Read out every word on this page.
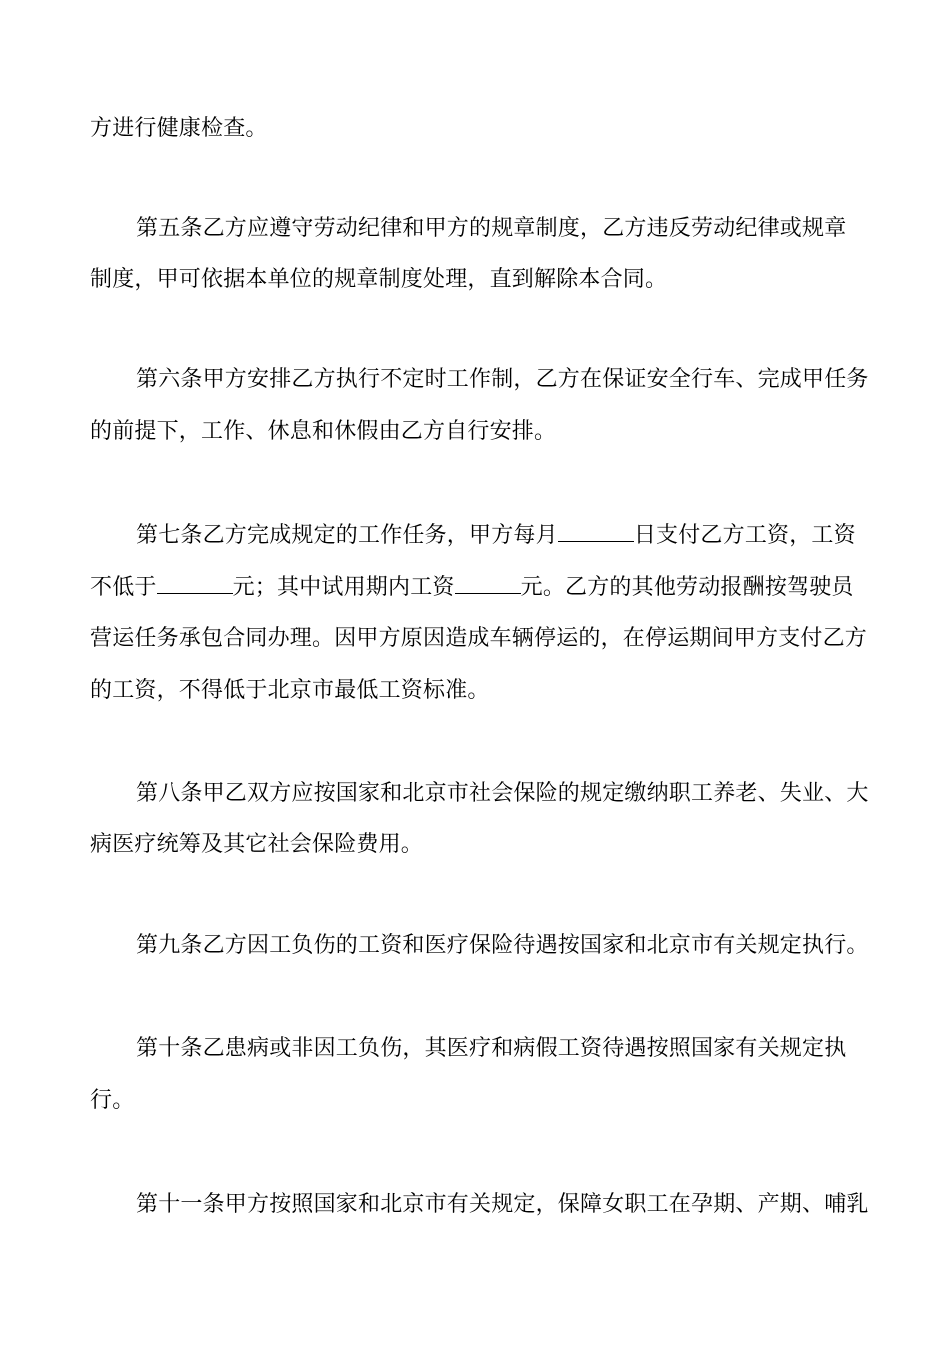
方进行健康检查。
第五条乙方应遵守劳动纪律和甲方的规章制度，乙方违反劳动纪律或规章
制度，甲可依据本单位的规章制度处理，直到解除本合同。
第六条甲方安排乙方执行不定时工作制，乙方在保证安全行车、完成甲任务
的前提下，工作、休息和休假由乙方自行安排。
第七条乙方完成规定的工作任务，甲方每月	日支付乙方工资，工资
不低于	元；其中试用期内工资	元。乙方的其他劳动报酬按驾驶员
营运任务承包合同办理。因甲方原因造成车辆停运的，在停运期间甲方支付乙方
的工资，不得低于北京市最低工资标准。
第八条甲乙双方应按国家和北京市社会保险的规定缴纳职工养老、失业、大
病医疗统筹及其它社会保险费用。
第九条乙方因工负伤的工资和医疗保险待遇按国家和北京市有关规定执行。
第十条乙患病或非因工负伤，其医疗和病假工资待遇按照国家有关规定执
行。
第十一条甲方按照国家和北京市有关规定，保障女职工在孕期、产期、哺乳
